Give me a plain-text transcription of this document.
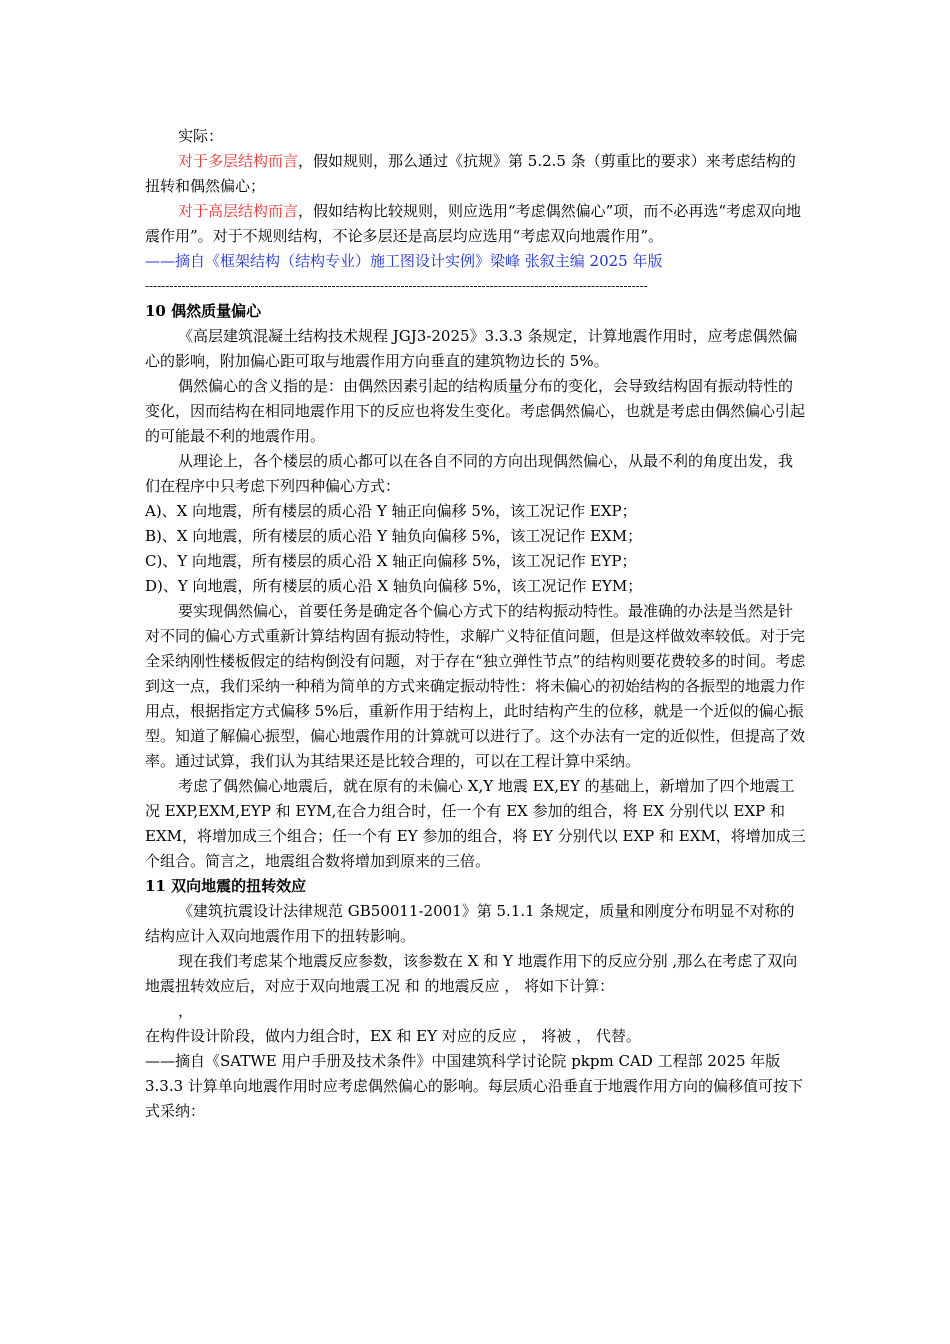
实际：

对于多层结构而言，假如规则，那么通过《抗规》第 5.2.5 条（剪重比的要求）来考虑结构的扭转和偶然偏心；

对于高层结构而言，假如结构比较规则，则应选用“考虑偶然偏心”项，而不必再选“考虑双向地震作用”。对于不规则结构，不论多层还是高层均应选用“考虑双向地震作用”。

——摘自《框架结构（结构专业）施工图设计实例》梁峰 张叙主编 2025 年版

----------------------------------------------------------------------------------------------------------------------------

10 偶然质量偏心

《高层建筑混凝土结构技术规程 JGJ3-2025》3.3.3 条规定，计算地震作用时，应考虑偶然偏心的影响，附加偏心距可取与地震作用方向垂直的建筑物边长的 5%。

偶然偏心的含义指的是：由偶然因素引起的结构质量分布的变化，会导致结构固有振动特性的变化，因而结构在相同地震作用下的反应也将发生变化。考虑偶然偏心，也就是考虑由偶然偏心引起的可能最不利的地震作用。

从理论上，各个楼层的质心都可以在各自不同的方向出现偶然偏心，从最不利的角度出发，我们在程序中只考虑下列四种偏心方式：

A)、X 向地震，所有楼层的质心沿 Y 轴正向偏移 5%，该工况记作 EXP；

B)、X 向地震，所有楼层的质心沿 Y 轴负向偏移 5%，该工况记作 EXM；

C)、Y 向地震，所有楼层的质心沿 X 轴正向偏移 5%，该工况记作 EYP；

D)、Y 向地震，所有楼层的质心沿 X 轴负向偏移 5%，该工况记作 EYM；

要实现偶然偏心，首要任务是确定各个偏心方式下的结构振动特性。最准确的办法是当然是针对不同的偏心方式重新计算结构固有振动特性，求解广义特征值问题，但是这样做效率较低。对于完全采纳刚性楼板假定的结构倒没有问题，对于存在“独立弹性节点”的结构则要花费较多的时间。考虑到这一点，我们采纳一种稍为简单的方式来确定振动特性：将未偏心的初始结构的各振型的地震力作用点，根据指定方式偏移 5%后，重新作用于结构上，此时结构产生的位移，就是一个近似的偏心振型。知道了解偏心振型，偏心地震作用的计算就可以进行了。这个办法有一定的近似性，但提高了效率。通过试算，我们认为其结果还是比较合理的，可以在工程计算中采纳。

考虑了偶然偏心地震后，就在原有的未偏心 X,Y 地震 EX,EY 的基础上，新增加了四个地震工况 EXP,EXM,EYP 和 EYM,在合力组合时，任一个有 EX 参加的组合，将 EX 分别代以 EXP 和 EXM，将增加成三个组合；任一个有 EY 参加的组合，将 EY 分别代以 EXP 和 EXM，将增加成三个组合。简言之，地震组合数将增加到原来的三倍。

11 双向地震的扭转效应

《建筑抗震设计法律规范 GB50011-2001》第 5.1.1 条规定，质量和刚度分布明显不对称的结构应计入双向地震作用下的扭转影响。

现在我们考虑某个地震反应参数，该参数在 X 和 Y 地震作用下的反应分别 ,那么在考虑了双向地震扭转效应后，对应于双向地震工况 和 的地震反应 ， 将如下计算：

，

在构件设计阶段，做内力组合时，EX 和 EY 对应的反应 ， 将被 ， 代替。

——摘自《SATWE 用户手册及技术条件》中国建筑科学讨论院 pkpm CAD 工程部 2025 年版

3.3.3 计算单向地震作用时应考虑偶然偏心的影响。每层质心沿垂直于地震作用方向的偏移值可按下式采纳：
